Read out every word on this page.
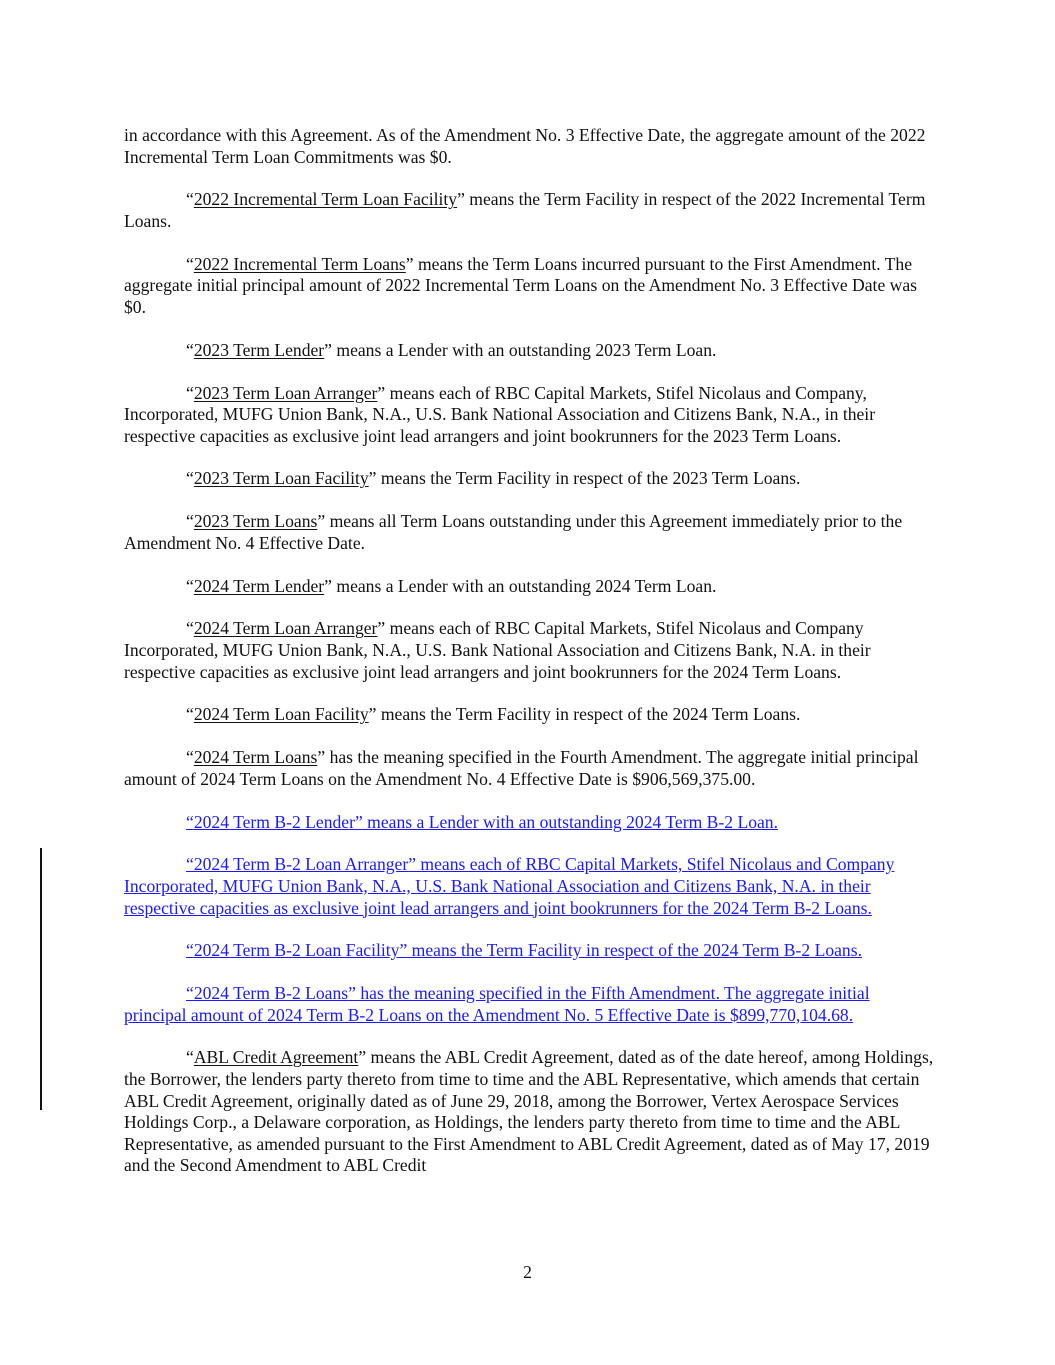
in accordance with this Agreement. As of the Amendment No. 3 Effective Date, the aggregate amount of the 2022 Incremental Term Loan Commitments was $0.

“2022 Incremental Term Loan Facility” means the Term Facility in respect of the 2022 Incremental Term Loans.

“2022 Incremental Term Loans” means the Term Loans incurred pursuant to the First Amendment. The aggregate initial principal amount of 2022 Incremental Term Loans on the Amendment No. 3 Effective Date was $0.

“2023 Term Lender” means a Lender with an outstanding 2023 Term Loan.

“2023 Term Loan Arranger” means each of RBC Capital Markets, Stifel Nicolaus and Company, Incorporated, MUFG Union Bank, N.A., U.S. Bank National Association and Citizens Bank, N.A., in their respective capacities as exclusive joint lead arrangers and joint bookrunners for the 2023 Term Loans.

“2023 Term Loan Facility” means the Term Facility in respect of the 2023 Term Loans.

“2023 Term Loans” means all Term Loans outstanding under this Agreement immediately prior to the Amendment No. 4 Effective Date.

“2024 Term Lender” means a Lender with an outstanding 2024 Term Loan.

“2024 Term Loan Arranger” means each of RBC Capital Markets, Stifel Nicolaus and Company Incorporated, MUFG Union Bank, N.A., U.S. Bank National Association and Citizens Bank, N.A. in their respective capacities as exclusive joint lead arrangers and joint bookrunners for the 2024 Term Loans.

“2024 Term Loan Facility” means the Term Facility in respect of the 2024 Term Loans.

“2024 Term Loans” has the meaning specified in the Fourth Amendment. The aggregate initial principal amount of 2024 Term Loans on the Amendment No. 4 Effective Date is $906,569,375.00.

“2024 Term B-2 Lender” means a Lender with an outstanding 2024 Term B-2 Loan.

“2024 Term B-2 Loan Arranger” means each of RBC Capital Markets, Stifel Nicolaus and Company Incorporated, MUFG Union Bank, N.A., U.S. Bank National Association and Citizens Bank, N.A. in their respective capacities as exclusive joint lead arrangers and joint bookrunners for the 2024 Term B-2 Loans.

“2024 Term B-2 Loan Facility” means the Term Facility in respect of the 2024 Term B-2 Loans.

“2024 Term B-2 Loans” has the meaning specified in the Fifth Amendment. The aggregate initial principal amount of 2024 Term B-2 Loans on the Amendment No. 5 Effective Date is $899,770,104.68.

“ABL Credit Agreement” means the ABL Credit Agreement, dated as of the date hereof, among Holdings, the Borrower, the lenders party thereto from time to time and the ABL Representative, which amends that certain ABL Credit Agreement, originally dated as of June 29, 2018, among the Borrower, Vertex Aerospace Services Holdings Corp., a Delaware corporation, as Holdings, the lenders party thereto from time to time and the ABL Representative, as amended pursuant to the First Amendment to ABL Credit Agreement, dated as of May 17, 2019 and the Second Amendment to ABL Credit

2
